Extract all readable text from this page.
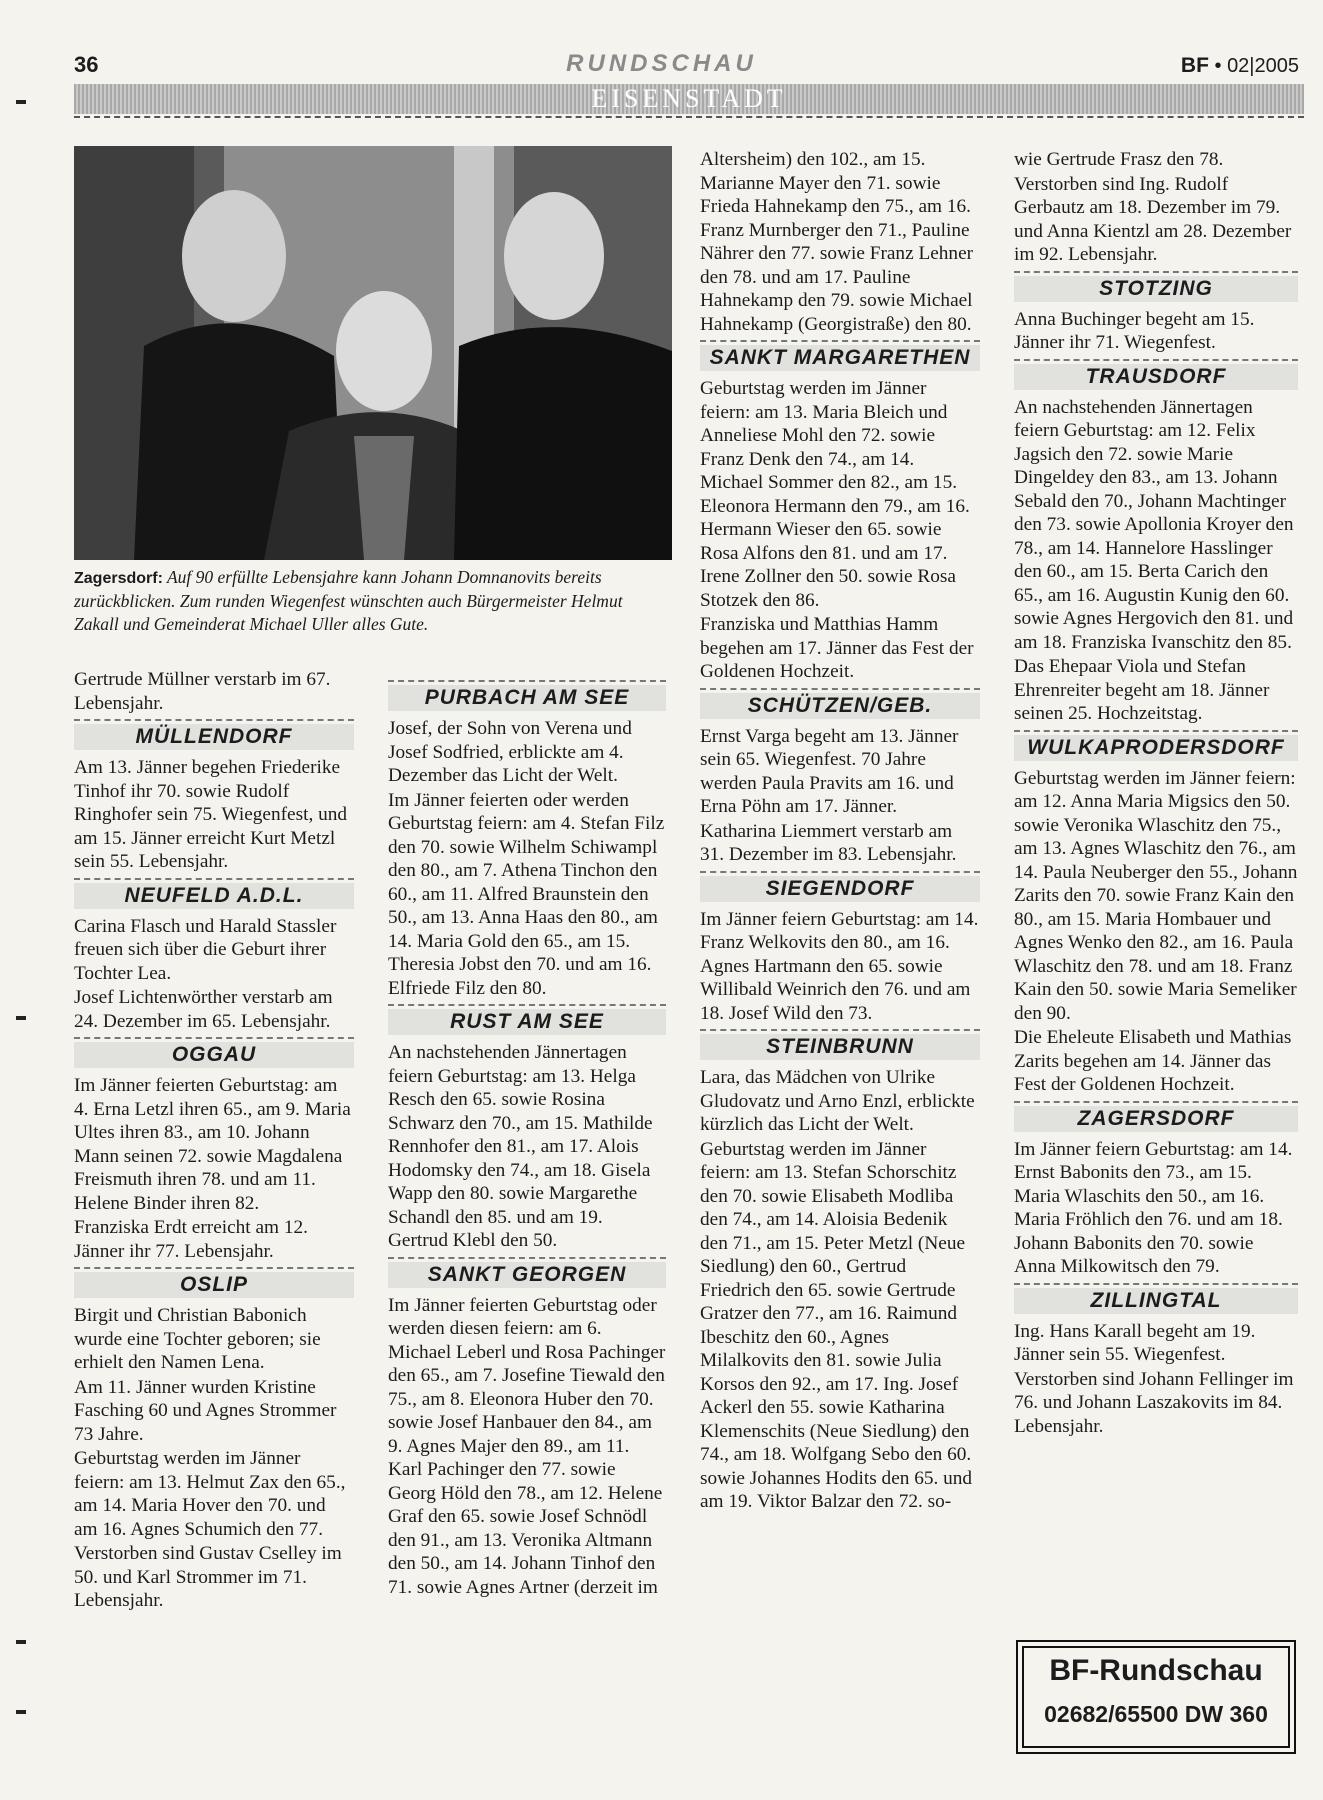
36	RUNDSCHAU	BF • 02|2005
EISENSTADT
Zagersdorf: Auf 90 erfüllte Lebensjahre kann Johann Domnanovits bereits zurückblicken. Zum runden Wiegenfest wünschten auch Bürgermeister Helmut Zakall und Gemeinderat Michael Uller alles Gute.

Gertrude Müllner verstarb im 67. Lebensjahr.

MÜLLENDORF

Am 13. Jänner begehen Friederike Tinhof ihr 70. sowie Rudolf Ringhofer sein 75. Wiegenfest, und am 15. Jänner erreicht Kurt Metzl sein 55. Lebensjahr.

NEUFELD A.D.L.

Carina Flasch und Harald Stassler freuen sich über die Geburt ihrer Tochter Lea.

Josef Lichtenwörther verstarb am 24. Dezember im 65. Lebensjahr.

OGGAU

Im Jänner feierten Geburtstag: am 4. Erna Letzl ihren 65., am 9. Maria Ultes ihren 83., am 10. Johann Mann seinen 72. sowie Magdalena Freismuth ihren 78. und am 11. Helene Binder ihren 82.

Franziska Erdt erreicht am 12. Jänner ihr 77. Lebensjahr.

OSLIP

Birgit und Christian Babonich wurde eine Tochter geboren; sie erhielt den Namen Lena.

Am 11. Jänner wurden Kristine Fasching 60 und Agnes Strommer 73 Jahre.

Geburtstag werden im Jänner feiern: am 13. Helmut Zax den 65., am 14. Maria Hover den 70. und am 16. Agnes Schumich den 77.

Verstorben sind Gustav Cselley im 50. und Karl Strommer im 71. Lebensjahr.

PURBACH AM SEE

Josef, der Sohn von Verena und Josef Sodfried, erblickte am 4. Dezember das Licht der Welt.

Im Jänner feierten oder werden Geburtstag feiern: am 4. Stefan Filz den 70. sowie Wilhelm Schiwampl den 80., am 7. Athena Tinchon den 60., am 11. Alfred Braunstein den 50., am 13. Anna Haas den 80., am 14. Maria Gold den 65., am 15. Theresia Jobst den 70. und am 16. Elfriede Filz den 80.

RUST AM SEE

An nachstehenden Jännertagen feiern Geburtstag: am 13. Helga Resch den 65. sowie Rosina Schwarz den 70., am 15. Mathilde Rennhofer den 81., am 17. Alois Hodomsky den 74., am 18. Gisela Wapp den 80. sowie Margarethe Schandl den 85. und am 19. Gertrud Klebl den 50.

SANKT GEORGEN

Im Jänner feierten Geburtstag oder werden diesen feiern: am 6. Michael Leberl und Rosa Pachinger den 65., am 7. Josefine Tiewald den 75., am 8. Eleonora Huber den 70. sowie Josef Hanbauer den 84., am 9. Agnes Majer den 89., am 11. Karl Pachinger den 77. sowie Georg Höld den 78., am 12. Helene Graf den 65. sowie Josef Schnödl den 91., am 13. Veronika Altmann den 50., am 14. Johann Tinhof den 71. sowie Agnes Artner (derzeit im

Altersheim) den 102., am 15. Marianne Mayer den 71. sowie Frieda Hahnekamp den 75., am 16. Franz Murnberger den 71., Pauline Nährer den 77. sowie Franz Lehner den 78. und am 17. Pauline Hahnekamp den 79. sowie Michael Hahnekamp (Georgistraße) den 80.

SANKT MARGARETHEN

Geburtstag werden im Jänner feiern: am 13. Maria Bleich und Anneliese Mohl den 72. sowie Franz Denk den 74., am 14. Michael Sommer den 82., am 15. Eleonora Hermann den 79., am 16. Hermann Wieser den 65. sowie Rosa Alfons den 81. und am 17. Irene Zollner den 50. sowie Rosa Stotzek den 86.

Franziska und Matthias Hamm begehen am 17. Jänner das Fest der Goldenen Hochzeit.

SCHÜTZEN/GEB.

Ernst Varga begeht am 13. Jänner sein 65. Wiegenfest. 70 Jahre werden Paula Pravits am 16. und Erna Pöhn am 17. Jänner.

Katharina Liemmert verstarb am 31. Dezember im 83. Lebensjahr.

SIEGENDORF

Im Jänner feiern Geburtstag: am 14. Franz Welkovits den 80., am 16. Agnes Hartmann den 65. sowie Willibald Weinrich den 76. und am 18. Josef Wild den 73.

STEINBRUNN

Lara, das Mädchen von Ulrike Gludovatz und Arno Enzl, erblickte kürzlich das Licht der Welt.

Geburtstag werden im Jänner feiern: am 13. Stefan Schorschitz den 70. sowie Elisabeth Modliba den 74., am 14. Aloisia Bedenik den 71., am 15. Peter Metzl (Neue Siedlung) den 60., Gertrud Friedrich den 65. sowie Gertrude Gratzer den 77., am 16. Raimund Ibeschitz den 60., Agnes Milalkovits den 81. sowie Julia Korsos den 92., am 17. Ing. Josef Ackerl den 55. sowie Katharina Klemenschits (Neue Siedlung) den 74., am 18. Wolfgang Sebo den 60. sowie Johannes Hodits den 65. und am 19. Viktor Balzar den 72. so-

wie Gertrude Frasz den 78.

Verstorben sind Ing. Rudolf Gerbautz am 18. Dezember im 79. und Anna Kientzl am 28. Dezember im 92. Lebensjahr.

STOTZING

Anna Buchinger begeht am 15. Jänner ihr 71. Wiegenfest.

TRAUSDORF

An nachstehenden Jännertagen feiern Geburtstag: am 12. Felix Jagsich den 72. sowie Marie Dingeldey den 83., am 13. Johann Sebald den 70., Johann Machtinger den 73. sowie Apollonia Kroyer den 78., am 14. Hannelore Hasslinger den 60., am 15. Berta Carich den 65., am 16. Augustin Kunig den 60. sowie Agnes Hergovich den 81. und am 18. Franziska Ivanschitz den 85.

Das Ehepaar Viola und Stefan Ehrenreiter begeht am 18. Jänner seinen 25. Hochzeitstag.

WULKAPRODERSDORF

Geburtstag werden im Jänner feiern: am 12. Anna Maria Migsics den 50. sowie Veronika Wlaschitz den 75., am 13. Agnes Wlaschitz den 76., am 14. Paula Neuberger den 55., Johann Zarits den 70. sowie Franz Kain den 80., am 15. Maria Hombauer und Agnes Wenko den 82., am 16. Paula Wlaschitz den 78. und am 18. Franz Kain den 50. sowie Maria Semeliker den 90.

Die Eheleute Elisabeth und Mathias Zarits begehen am 14. Jänner das Fest der Goldenen Hochzeit.

ZAGERSDORF

Im Jänner feiern Geburtstag: am 14. Ernst Babonits den 73., am 15. Maria Wlaschits den 50., am 16. Maria Fröhlich den 76. und am 18. Johann Babonits den 70. sowie Anna Milkowitsch den 79.

ZILLINGTAL

Ing. Hans Karall begeht am 19. Jänner sein 55. Wiegenfest.

Verstorben sind Johann Fellinger im 76. und Johann Laszakovits im 84. Lebensjahr.

BF-Rundschau
02682/65500 DW 360
